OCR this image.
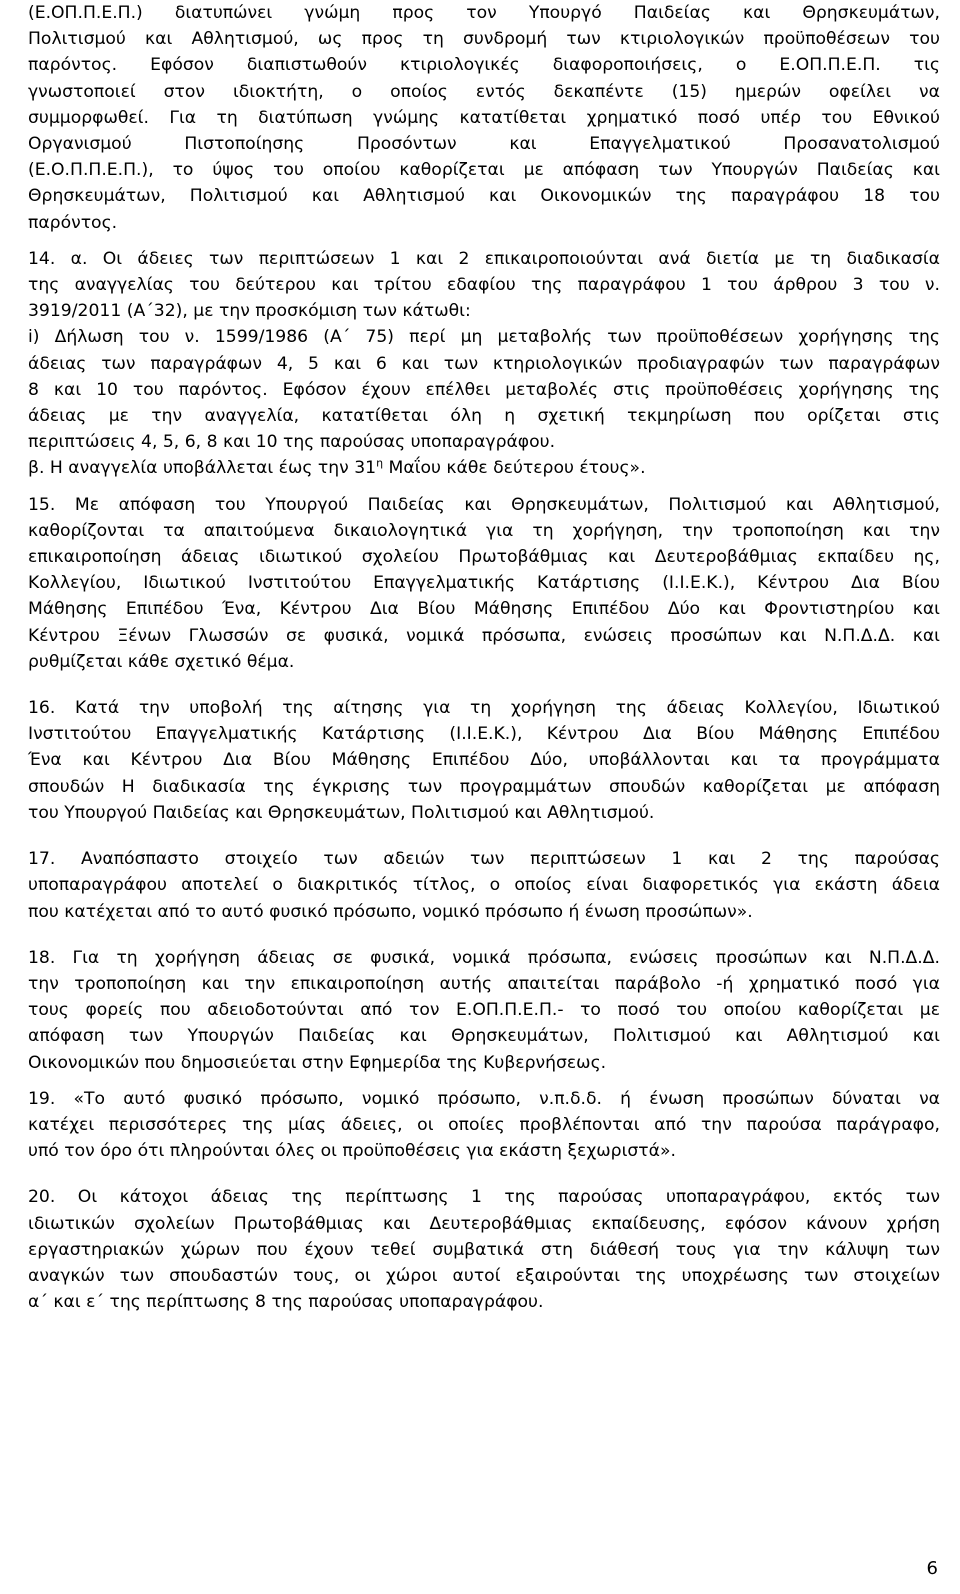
(Ε.ΟΠ.Π.Ε.Π.) διατυπώνει γνώμη προς τον Υπουργό Παιδείας και Θρησκευμάτων,
Πολιτισμού και Αθλητισμού, ως προς τη συνδρομή των κτιριολογικών προϋποθέσεων του
παρόντος. Εφόσον διαπιστωθούν κτιριολογικές διαφοροποιήσεις, ο Ε.ΟΠ.Π.Ε.Π. τις
γνωστοποιεί στον ιδιοκτήτη, ο οποίος εντός δεκαπέντε (15) ημερών οφείλει να
συμμορφωθεί. Για τη διατύπωση γνώμης κατατίθεται χρηματικό ποσό υπέρ του Εθνικού
Οργανισμού Πιστοποίησης Προσόντων και Επαγγελματικού Προσανατολισμού
(Ε.Ο.Π.Π.Ε.Π.), το ύψος του οποίου καθορίζεται με απόφαση των Υπουργών Παιδείας και
Θρησκευμάτων, Πολιτισμού και Αθλητισμού και Οικονομικών της παραγράφου 18 του
παρόντος.
14. α. Οι άδειες των περιπτώσεων 1 και 2 επικαιροποιούνται ανά διετία με τη διαδικασία
της αναγγελίας του δεύτερου και τρίτου εδαφίου της παραγράφου 1 του άρθρου 3 του ν.
3919/2011 (Α΄32), με την προσκόμιση των κάτωθι:
i) Δήλωση του ν. 1599/1986 (Α΄ 75) περί μη μεταβολής των προϋποθέσεων χορήγησης της
άδειας των παραγράφων 4, 5 και 6 και των κτηριολογικών προδιαγραφών των παραγράφων
8 και 10 του παρόντος. Εφόσον έχουν επέλθει μεταβολές στις προϋποθέσεις χορήγησης της
άδειας με την αναγγελία, κατατίθεται όλη η σχετική τεκμηρίωση που ορίζεται στις
περιπτώσεις 4, 5, 6, 8 και 10 της παρούσας υποπαραγράφου.
β. Η αναγγελία υποβάλλεται έως την $31^\eta$ Μαΐου κάθε δεύτερου έτους».
15. Με απόφαση του Υπουργού Παιδείας και Θρησκευμάτων, Πολιτισμού και Αθλητισμού,
καθορίζονται τα απαιτούμενα δικαιολογητικά για τη χορήγηση, την τροποποίηση και την
επικαιροποίηση άδειας ιδιωτικού σχολείου Πρωτοβάθμιας και Δευτεροβάθμιας εκπαίδευ ης,
Κολλεγίου, Ιδιωτικού Ινστιτούτου Επαγγελματικής Κατάρτισης (Ι.Ι.Ε.Κ.), Κέντρου Δια Βίου
Μάθησης Επιπέδου Ένα, Κέντρου Δια Βίου Μάθησης Επιπέδου Δύο και Φροντιστηρίου και
Κέντρου Ξένων Γλωσσών σε φυσικά, νομικά πρόσωπα, ενώσεις προσώπων και Ν.Π.Δ.Δ. και
ρυθμίζεται κάθε σχετικό θέμα.
16. Κατά την υποβολή της αίτησης για τη χορήγηση της άδειας Κολλεγίου, Ιδιωτικού
Ινστιτούτου Επαγγελματικής Κατάρτισης (Ι.Ι.Ε.Κ.), Κέντρου Δια Βίου Μάθησης Επιπέδου
Ένα και Κέντρου Δια Βίου Μάθησης Επιπέδου Δύο, υποβάλλονται και τα προγράμματα
σπουδών Η διαδικασία της έγκρισης των προγραμμάτων σπουδών καθορίζεται με απόφαση
του Υπουργού Παιδείας και Θρησκευμάτων, Πολιτισμού και Αθλητισμού.
17. Αναπόσπαστο στοιχείο των αδειών των περιπτώσεων 1 και 2 της παρούσας
υποπαραγράφου αποτελεί ο διακριτικός τίτλος, ο οποίος είναι διαφορετικός για εκάστη άδεια
που κατέχεται από το αυτό φυσικό πρόσωπο, νομικό πρόσωπο ή ένωση προσώπων».
18. Για τη χορήγηση άδειας σε φυσικά, νομικά πρόσωπα, ενώσεις προσώπων και Ν.Π.Δ.Δ.
την τροποποίηση και την επικαιροποίηση αυτής απαιτείται παράβολο -ή χρηματικό ποσό για
τους φορείς που αδειοδοτούνται από τον Ε.ΟΠ.Π.Ε.Π.- το ποσό του οποίου καθορίζεται με
απόφαση των Υπουργών Παιδείας και Θρησκευμάτων, Πολιτισμού και Αθλητισμού και
Οικονομικών που δημοσιεύεται στην Εφημερίδα της Κυβερνήσεως.
19. «Το αυτό φυσικό πρόσωπο, νομικό πρόσωπο, ν.π.δ.δ. ή ένωση προσώπων δύναται να
κατέχει περισσότερες της μίας άδειες, οι οποίες προβλέπονται από την παρούσα παράγραφο,
υπό τον όρο ότι πληρούνται όλες οι προϋποθέσεις για εκάστη ξεχωριστά».
20. Οι κάτοχοι άδειας της περίπτωσης 1 της παρούσας υποπαραγράφου, εκτός των
ιδιωτικών σχολείων Πρωτοβάθμιας και Δευτεροβάθμιας εκπαίδευσης, εφόσον κάνουν χρήση
εργαστηριακών χώρων που έχουν τεθεί συμβατικά στη διάθεσή τους για την κάλυψη των
αναγκών των σπουδαστών τους, οι χώροι αυτοί εξαιρούνται της υποχρέωσης των στοιχείων
α΄ και ε΄ της περίπτωσης 8 της παρούσας υποπαραγράφου.
6
